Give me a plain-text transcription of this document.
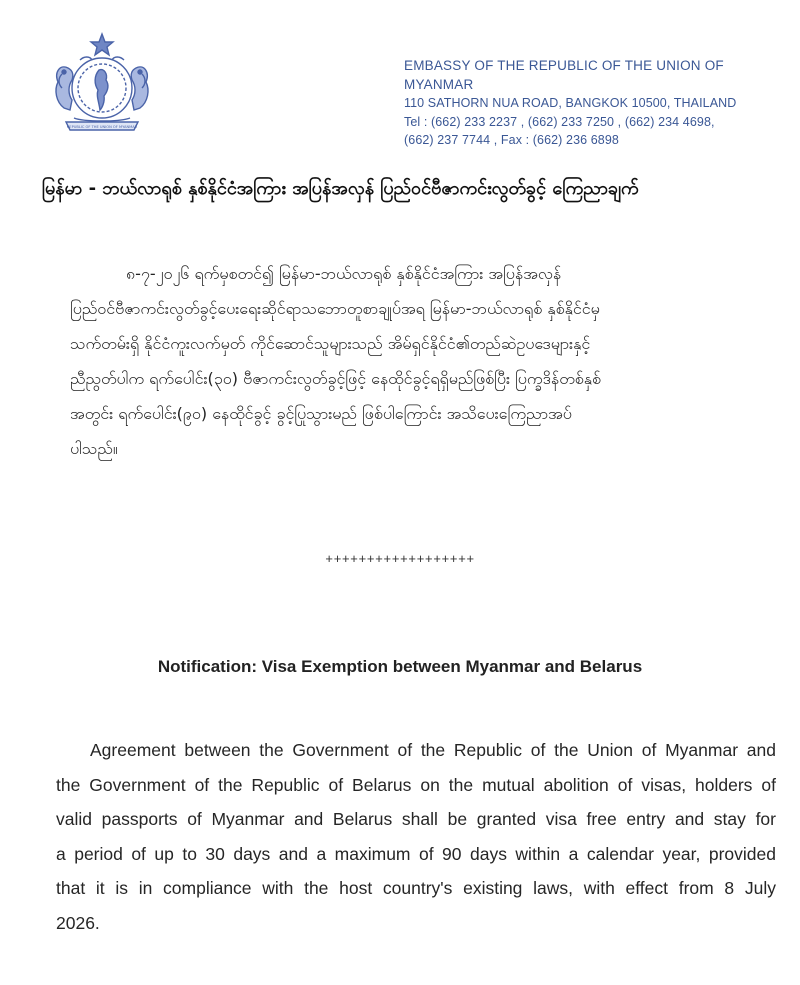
REPUBLIC OF THE UNION OF MYANMAR
EMBASSY OF THE REPUBLIC OF THE UNION OF MYANMAR
110 SATHORN NUA ROAD, BANGKOK 10500, THAILAND
Tel : (662) 233 2237 , (662) 233 7250 , (662) 234 4698,
(662) 237 7744 , Fax : (662) 236 6898
မြန်မာ - ဘယ်လာရုစ် နှစ်နိုင်ငံအကြား အပြန်အလှန် ပြည်ဝင်ဗီဇာကင်းလွတ်ခွင့် ကြေညာချက်
၈-၇-၂၀၂၆ ရက်မှစတင်၍ မြန်မာ-ဘယ်လာရုစ် နှစ်နိုင်ငံအကြား အပြန်အလှန်
ပြည်ဝင်ဗီဇာကင်းလွတ်ခွင့်ပေးရေးဆိုင်ရာသဘောတူစာချုပ်အရ မြန်မာ-ဘယ်လာရုစ် နှစ်နိုင်ငံမှ
သက်တမ်းရှိ နိုင်ငံကူးလက်မှတ် ကိုင်ဆောင်သူများသည် အိမ်ရှင်နိုင်ငံ၏တည်ဆဲဥပဒေများနှင့်
ညီညွတ်ပါက ရက်ပေါင်း(၃၀) ဗီဇာကင်းလွတ်ခွင့်ဖြင့် နေထိုင်ခွင့်ရရှိမည်ဖြစ်ပြီး ပြက္ခဒိန်တစ်နှစ်
အတွင်း ရက်ပေါင်း(၉၀) နေထိုင်ခွင့် ခွင့်ပြုသွားမည် ဖြစ်ပါကြောင်း အသိပေးကြေညာအပ်
ပါသည်။
++++++++++++++++++
Notification: Visa Exemption between Myanmar and Belarus
Agreement between the Government of the Republic of the Union of Myanmar and
the Government of the Republic of Belarus on the mutual abolition of visas, holders of
valid passports of Myanmar and Belarus shall be granted visa free entry and stay for
a period of up to 30 days and a maximum of 90 days within a calendar year, provided
that it is in compliance with the host country's existing laws, with effect from 8 July
2026.
